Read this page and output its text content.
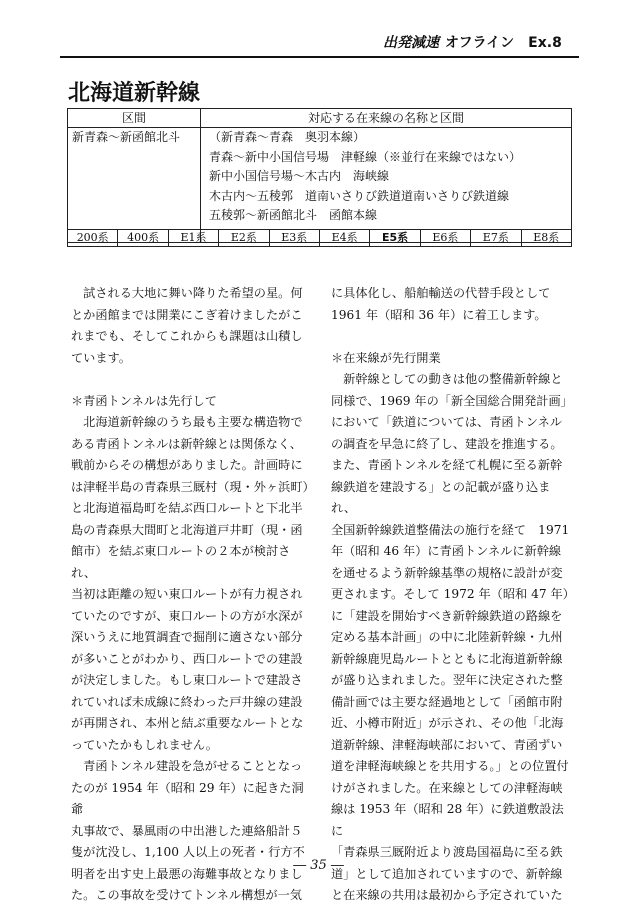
出発減速 オフライン　Ex.8
北海道新幹線
区間	対応する在来線の名称と区間
新青森〜新函館北斗	（新青森〜青森　奥羽本線）
青森〜新中小国信号場　津軽線（※並行在来線ではない）
新中小国信号場〜木古内　海峡線
木古内〜五稜郭　道南いさりび鉄道道南いさりび鉄道線
五稜郭〜新函館北斗　函館本線
200系	400系	E1系	E2系	E3系	E4系	E5系	E6系	E7系	E8系

　試される大地に舞い降りた希望の星。何

とか函館までは開業にこぎ着けましたがこ

れまでも、そしてこれからも課題は山積し

ています。

＊青函トンネルは先行して

　北海道新幹線のうち最も主要な構造物で

ある青函トンネルは新幹線とは関係なく、

戦前からその構想がありました。計画時に

は津軽半島の青森県三厩村（現・外ヶ浜町）

と北海道福島町を結ぶ西口ルートと下北半

島の青森県大間町と北海道戸井町（現・函

館市）を結ぶ東口ルートの２本が検討され、

当初は距離の短い東口ルートが有力視され

ていたのですが、東口ルートの方が水深が

深いうえに地質調査で掘削に適さない部分

が多いことがわかり、西口ルートでの建設

が決定しました。もし東口ルートで建設さ

れていれば未成線に終わった戸井線の建設

が再開され、本州と結ぶ重要なルートとな

っていたかもしれません。

　青函トンネル建設を急がせることとなっ

たのが 1954 年（昭和 29 年）に起きた洞爺

丸事故で、暴風雨の中出港した連絡船計５

隻が沈没し、1,100 人以上の死者・行方不

明者を出す史上最悪の海難事故となりまし

た。この事故を受けてトンネル構想が一気

に具体化し、船舶輸送の代替手段として

1961 年（昭和 36 年）に着工します。

＊在来線が先行開業

　新幹線としての動きは他の整備新幹線と

同様で、1969 年の「新全国総合開発計画」

において「鉄道については、青函トンネル

の調査を早急に終了し、建設を推進する。

また、青函トンネルを経て札幌に至る新幹

線鉄道を建設する」との記載が盛り込まれ、

全国新幹線鉄道整備法の施行を経て　1971

年（昭和 46 年）に青函トンネルに新幹線

を通せるよう新幹線基準の規格に設計が変

更されます。そして 1972 年（昭和 47 年）

に「建設を開始すべき新幹線鉄道の路線を

定める基本計画」の中に北陸新幹線・九州

新幹線鹿児島ルートとともに北海道新幹線

が盛り込まれました。翌年に決定された整

備計画では主要な経過地として「函館市附

近、小樽市附近」が示され、その他「北海

道新幹線、津軽海峡部において、青函ずい

道を津軽海峡線とを共用する。」との位置付

けがされました。在来線としての津軽海峡

線は 1953 年（昭和 28 年）に鉄道敷設法に

「青森県三厩附近より渡島国福島に至る鉄

道」として追加されていますので、新幹線

と在来線の共用は最初から予定されていた

― 35 ―
